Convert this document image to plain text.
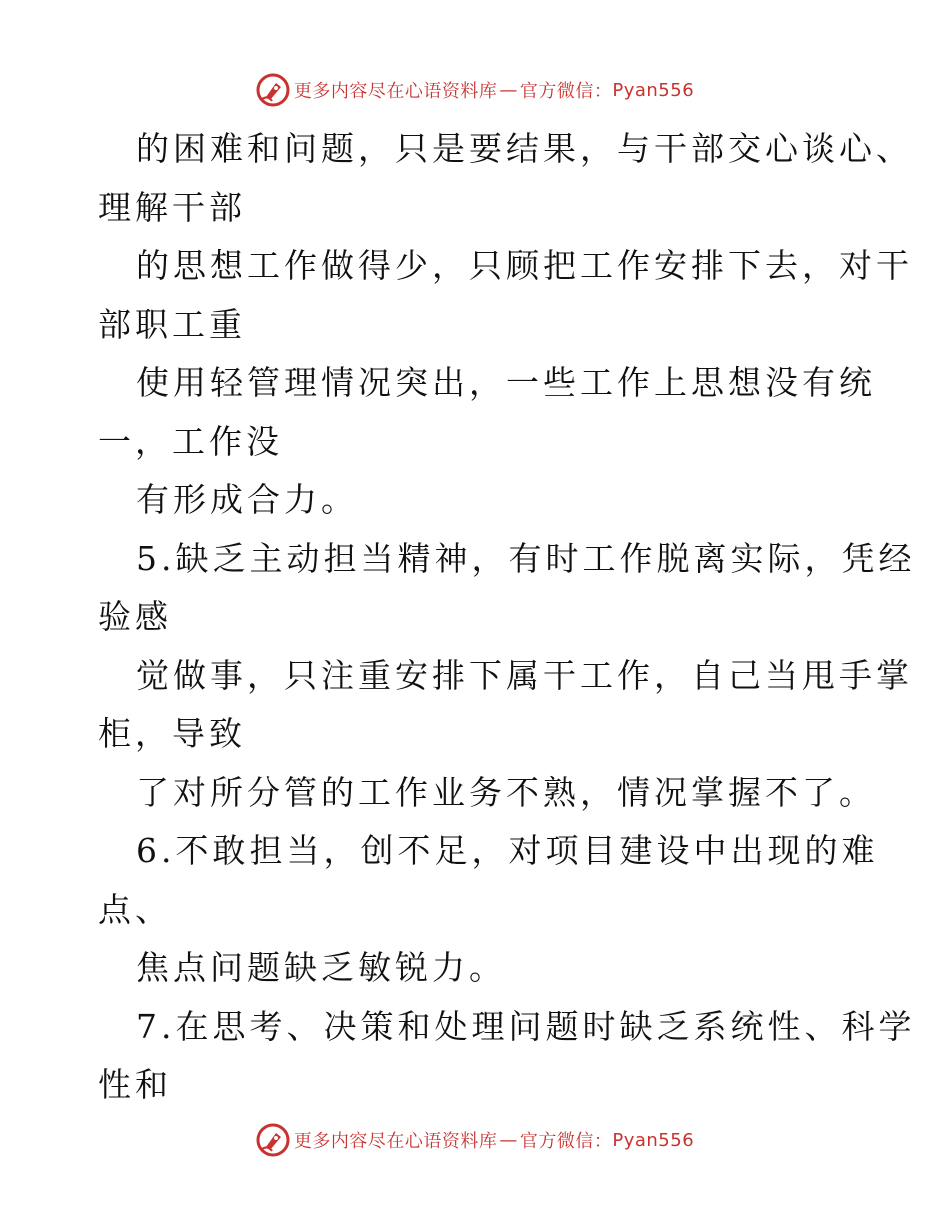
更多内容尽在心语资料库 — 官方微信： Pyan556
的困难和问题，只是要结果，与干部交心谈心、
理解干部
的思想工作做得少，只顾把工作安排下去，对干
部职工重
使用轻管理情况突出，一些工作上思想没有统
一，工作没
有形成合力。
5.缺乏主动担当精神，有时工作脱离实际，凭经
验感
觉做事，只注重安排下属干工作，自己当甩手掌
柜，导致
了对所分管的工作业务不熟，情况掌握不了。
6.不敢担当，创不足，对项目建设中出现的难
点、
焦点问题缺乏敏锐力。
7.在思考、决策和处理问题时缺乏系统性、科学
性和
更多内容尽在心语资料库 — 官方微信： Pyan556
